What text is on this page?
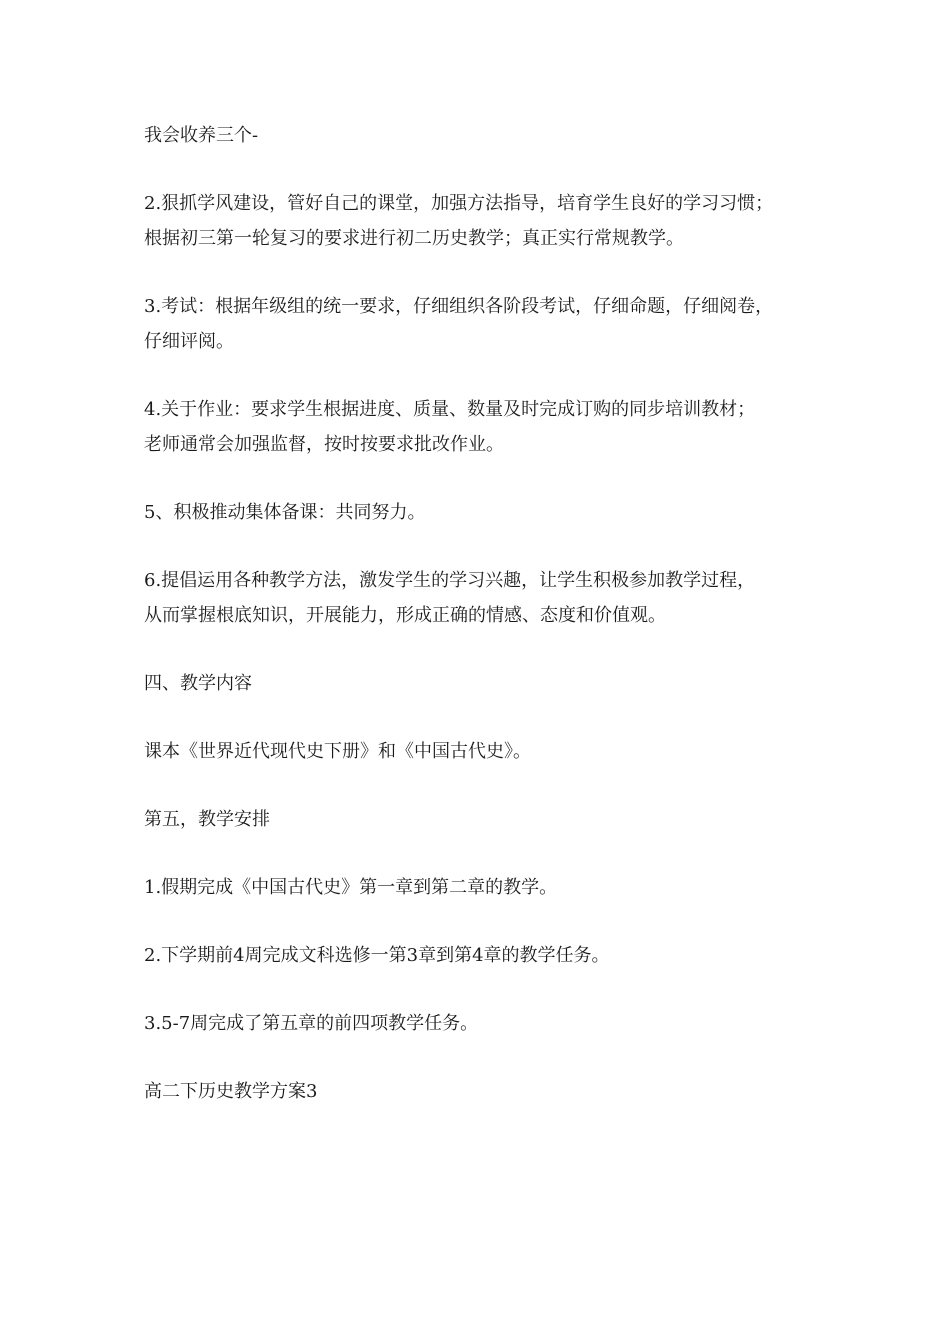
我会收养三个-

2.狠抓学风建设，管好自己的课堂，加强方法指导，培育学生良好的学习习惯；
根据初三第一轮复习的要求进行初二历史教学；真正实行常规教学。

3.考试：根据年级组的统一要求，仔细组织各阶段考试，仔细命题，仔细阅卷，
仔细评阅。

4.关于作业：要求学生根据进度、质量、数量及时完成订购的同步培训教材；
老师通常会加强监督，按时按要求批改作业。

5、积极推动集体备课：共同努力。

6.提倡运用各种教学方法，激发学生的学习兴趣，让学生积极参加教学过程，
从而掌握根底知识，开展能力，形成正确的情感、态度和价值观。

四、教学内容

课本《世界近代现代史下册》和《中国古代史》。

第五，教学安排

1.假期完成《中国古代史》第一章到第二章的教学。

2.下学期前4周完成文科选修一第3章到第4章的教学任务。

3.5-7周完成了第五章的前四项教学任务。

高二下历史教学方案3
